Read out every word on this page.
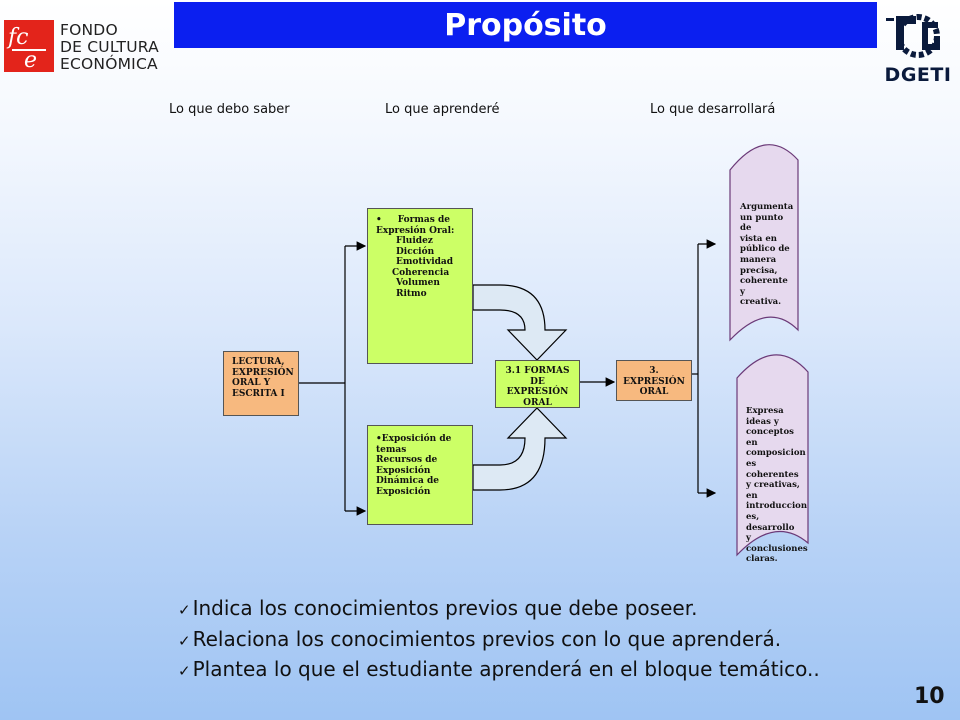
Propósito
fc
e
FONDO
DE CULTURA
ECONÓMICA	DGETI
Lo que debo saber	Lo que aprenderé	Lo que desarrollará
LECTURA,
EXPRESIÓN
ORAL Y
ESCRITA I
• Formas de
Expresión Oral:
Fluidez
Dicción
Emotividad
Coherencia
Volumen
Ritmo
•Exposición de temas
Recursos de
Exposición
Dinámica de
Exposición
3.1 FORMAS
DE
EXPRESIÓN
ORAL
3.
EXPRESIÓN
ORAL
Argumenta
un punto de
vista en
público de
manera
precisa,
coherente y
creativa.
Expresa
ideas y
conceptos en
composicion
es coherentes
y creativas,
en
introduccion
es, desarrollo
y
conclusiones
claras.
✓ Indica los conocimientos previos que debe poseer.
✓ Relaciona los conocimientos previos con lo que aprenderá.
✓ Plantea lo que el estudiante aprenderá en el bloque temático..
10
